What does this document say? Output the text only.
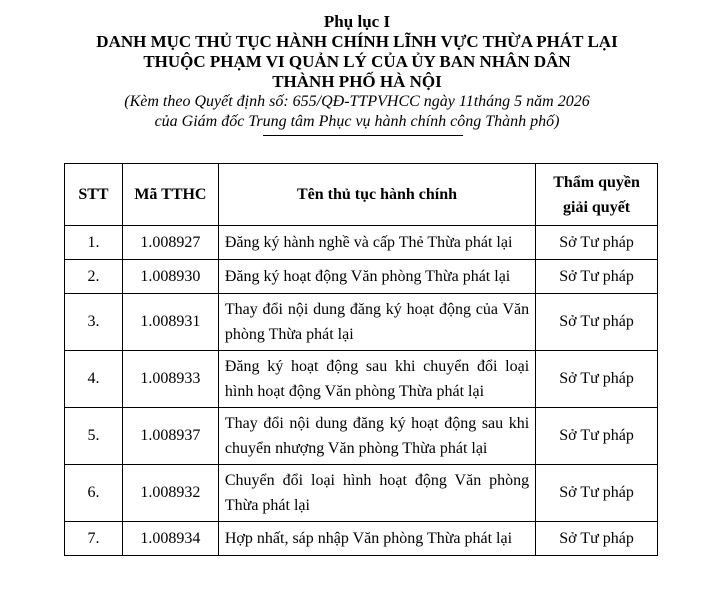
Phụ lục I
DANH MỤC THỦ TỤC HÀNH CHÍNH LĨNH VỰC THỪA PHÁT LẠI
THUỘC PHẠM VI QUẢN LÝ CỦA ỦY BAN NHÂN DÂN
THÀNH PHỐ HÀ NỘI
(Kèm theo Quyết định số: 655/QĐ-TTPVHCC ngày 11tháng 5 năm 2026
của Giám đốc Trung tâm Phục vụ hành chính công Thành phố)
STT	Mã TTHC	Tên thủ tục hành chính	Thẩm quyền giải quyết
1.	1.008927	Đăng ký hành nghề và cấp Thẻ Thừa phát lại	Sở Tư pháp
2.	1.008930	Đăng ký hoạt động Văn phòng Thừa phát lại	Sở Tư pháp
3.	1.008931	Thay đổi nội dung đăng ký hoạt động của Văn phòng Thừa phát lại	Sở Tư pháp
4.	1.008933	Đăng ký hoạt động sau khi chuyển đổi loại hình hoạt động Văn phòng Thừa phát lại	Sở Tư pháp
5.	1.008937	Thay đổi nội dung đăng ký hoạt động sau khi chuyển nhượng Văn phòng Thừa phát lại	Sở Tư pháp
6.	1.008932	Chuyển đổi loại hình hoạt động Văn phòng Thừa phát lại	Sở Tư pháp
7.	1.008934	Hợp nhất, sáp nhập Văn phòng Thừa phát lại	Sở Tư pháp
